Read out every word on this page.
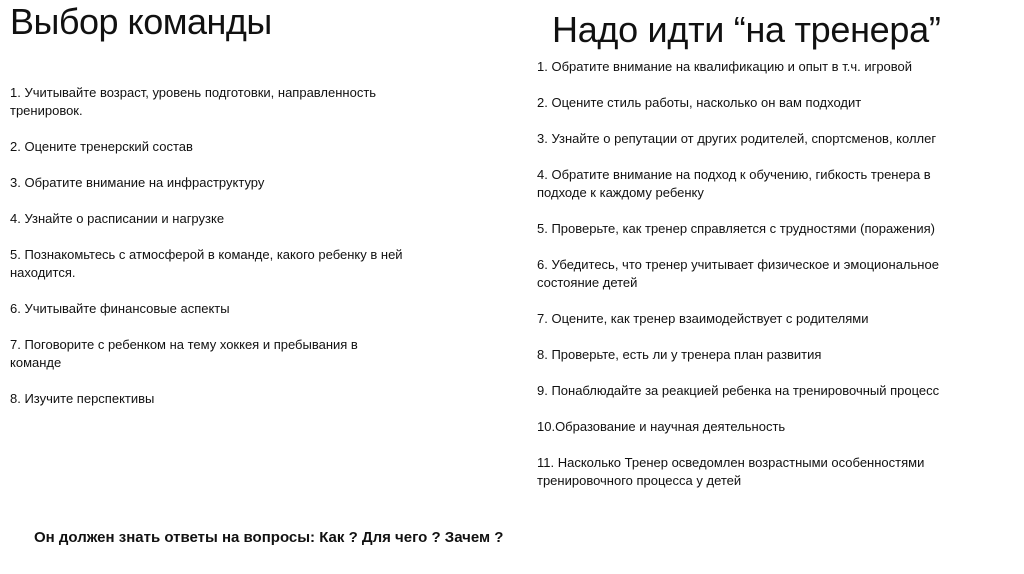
Выбор команды
1. Учитывайте возраст, уровень подготовки, направленность тренировок.
2. Оцените тренерский состав
3. Обратите внимание на инфраструктуру
4. Узнайте о расписании и нагрузке
5. Познакомьтесь с атмосферой в команде, какого ребенку в ней находится.
6. Учитывайте финансовые аспекты
7. Поговорите с ребенком на тему хоккея и пребывания в команде
8. Изучите перспективы
Надо идти “на тренера”
1. Обратите внимание на квалификацию и опыт в т.ч. игровой
2. Оцените стиль работы, насколько он вам подходит
3. Узнайте о репутации от других родителей, спортсменов, коллег
4. Обратите внимание на подход к обучению, гибкость тренера в подходе к каждому ребенку
5. Проверьте, как тренер справляется с трудностями (поражения)
6. Убедитесь, что тренер учитывает физическое и эмоциональное состояние детей
7. Оцените, как тренер взаимодействует с родителями
8. Проверьте, есть ли у тренера план развития
9. Понаблюдайте за реакцией ребенка на тренировочный процесс
10.Образование и научная деятельность
11. Насколько Тренер осведомлен возрастными особенностями тренировочного процесса у детей

Он должен знать ответы на вопросы: Как ? Для чего ? Зачем ?
